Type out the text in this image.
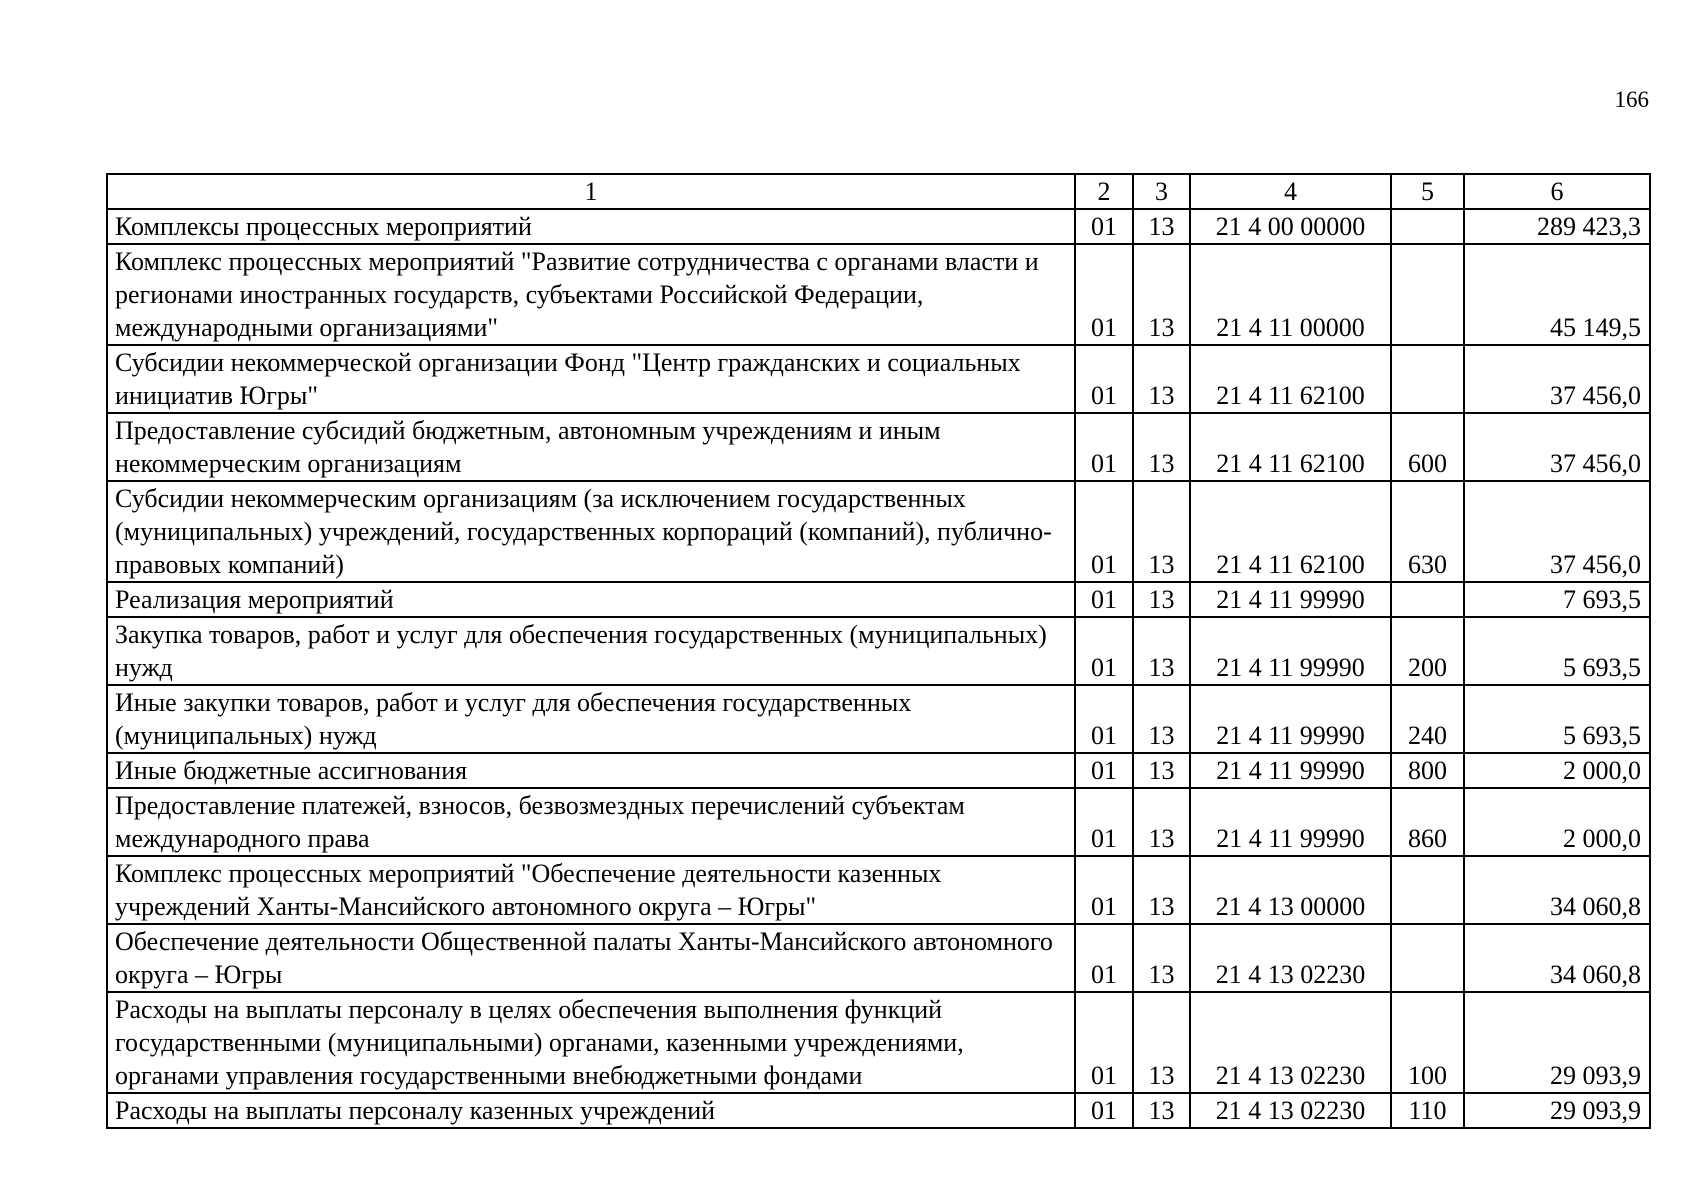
166
1	2	3	4	5	6
Комплексы процессных мероприятий	01	13	21 4 00 00000		289 423,3
Комплекс процессных мероприятий "Развитие сотрудничества с органами власти и регионами иностранных государств, субъектами Российской Федерации, международными организациями"	01	13	21 4 11 00000		45 149,5
Субсидии некоммерческой организации Фонд "Центр гражданских и социальных инициатив Югры"	01	13	21 4 11 62100		37 456,0
Предоставление субсидий бюджетным, автономным учреждениям и иным некоммерческим организациям	01	13	21 4 11 62100	600	37 456,0
Субсидии некоммерческим организациям (за исключением государственных (муниципальных) учреждений, государственных корпораций (компаний), публично-правовых компаний)	01	13	21 4 11 62100	630	37 456,0
Реализация мероприятий	01	13	21 4 11 99990		7 693,5
Закупка товаров, работ и услуг для обеспечения государственных (муниципальных) нужд	01	13	21 4 11 99990	200	5 693,5
Иные закупки товаров, работ и услуг для обеспечения государственных (муниципальных) нужд	01	13	21 4 11 99990	240	5 693,5
Иные бюджетные ассигнования	01	13	21 4 11 99990	800	2 000,0
Предоставление платежей, взносов, безвозмездных перечислений субъектам международного права	01	13	21 4 11 99990	860	2 000,0
Комплекс процессных мероприятий "Обеспечение деятельности казенных учреждений Ханты-Мансийского автономного округа – Югры"	01	13	21 4 13 00000		34 060,8
Обеспечение деятельности Общественной палаты Ханты-Мансийского автономного округа – Югры	01	13	21 4 13 02230		34 060,8
Расходы на выплаты персоналу в целях обеспечения выполнения функций государственными (муниципальными) органами, казенными учреждениями, органами управления государственными внебюджетными фондами	01	13	21 4 13 02230	100	29 093,9
Расходы на выплаты персоналу казенных учреждений	01	13	21 4 13 02230	110	29 093,9
